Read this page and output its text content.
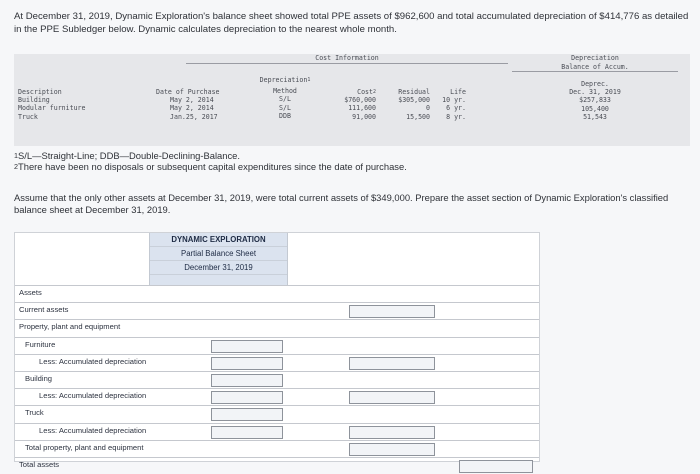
At December 31, 2019, Dynamic Exploration's balance sheet showed total PPE assets of $962,600 and total accumulated depreciation of $414,776 as detailed in the PPE Subledger below. Dynamic calculates depreciation to the nearest whole month.
Cost Information	Depreciation
Balance of Accum.
Description
Building
Modular furniture
Truck
Date of Purchase
May 2, 2014
May 2, 2014
Jan.25, 2017
Depreciation$^1$
Method
S/L
S/L
DDB
Cost$^2$
$760,000
111,600
91,000
Residual
$305,000
0
15,500
Life
10 yr.
6 yr.
8 yr.
Deprec.
Dec. 31, 2019
$257,833
105,400
51,543
$^1$S/L—Straight-Line; DDB—Double-Declining-Balance.
$^2$There have been no disposals or subsequent capital expenditures since the date of purchase.
Assume that the only other assets at December 31, 2019, were total current assets of $349,000. Prepare the asset section of Dynamic Exploration's classified balance sheet at December 31, 2019.
DYNAMIC EXPLORATION
Partial Balance Sheet
December 31, 2019
Assets
Current assets
Property, plant and equipment
Furniture
Less: Accumulated depreciation
Building
Less: Accumulated depreciation
Truck
Less: Accumulated depreciation
Total property, plant and equipment
Total assets
